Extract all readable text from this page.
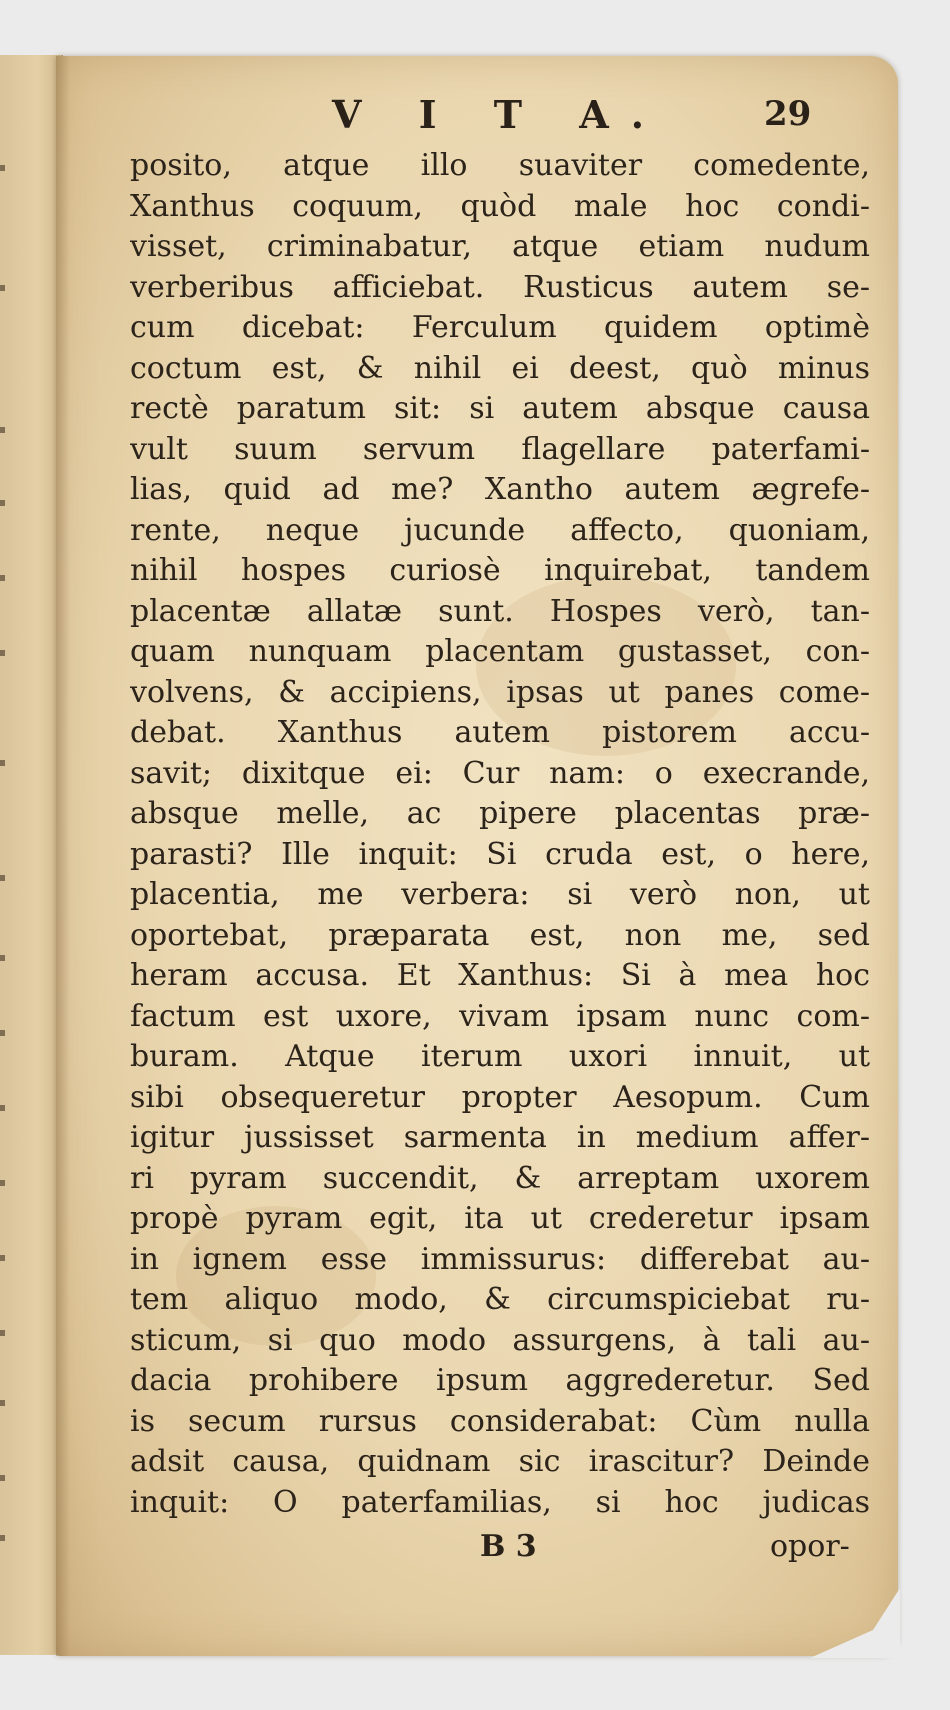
V I T A.	29
posito, atque illo suaviter comedente,
Xanthus coquum, quòd male hoc condi-
visset, criminabatur, atque etiam nudum
verberibus afficiebat. Rusticus autem se-
cum dicebat: Ferculum quidem optimè
coctum est, & nihil ei deest, quò minus
rectè paratum sit: si autem absque causa
vult suum servum flagellare paterfami-
lias, quid ad me? Xantho autem ægrefe-
rente, neque jucunde affecto, quoniam,
nihil hospes curiosè inquirebat, tandem
placentæ allatæ sunt. Hospes verò, tan-
quam nunquam placentam gustasset, con-
volvens, & accipiens, ipsas ut panes come-
debat. Xanthus autem pistorem accu-
savit; dixitque ei: Cur nam: o execrande,
absque melle, ac pipere placentas præ-
parasti? Ille inquit: Si cruda est, o here,
placentia, me verbera: si verò non, ut
oportebat, præparata est, non me, sed
heram accusa. Et Xanthus: Si à mea hoc
factum est uxore, vivam ipsam nunc com-
buram. Atque iterum uxori innuit, ut
sibi obsequeretur propter Aesopum. Cum
igitur jussisset sarmenta in medium affer-
ri pyram succendit, & arreptam uxorem
propè pyram egit, ita ut crederetur ipsam
in ignem esse immissurus: differebat au-
tem aliquo modo, & circumspiciebat ru-
sticum, si quo modo assurgens, à tali au-
dacia prohibere ipsum aggrederetur. Sed
is secum rursus considerabat: Cùm nulla
adsit causa, quidnam sic irascitur? Deinde
inquit: O paterfamilias, si hoc judicas
B 3	opor-
